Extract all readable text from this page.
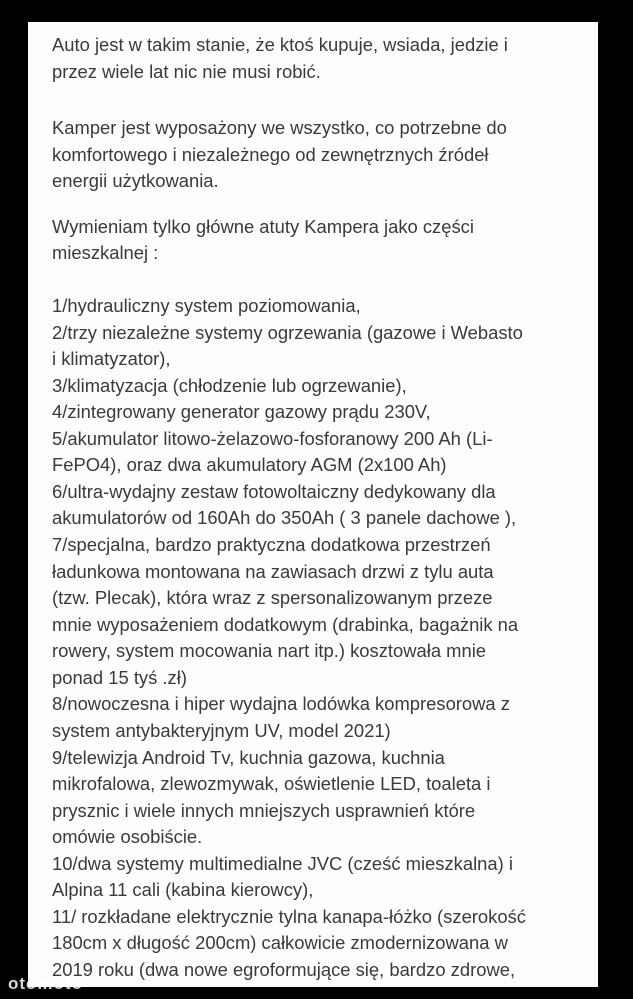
Auto jest w takim stanie, że ktoś kupuje, wsiada, jedzie i
przez wiele lat nic nie musi robić.
Kamper jest wyposażony we wszystko, co potrzebne do
komfortowego i niezależnego od zewnętrznych źródeł
energii użytkowania.
Wymieniam tylko główne atuty Kampera jako części
mieszkalnej :
1/hydrauliczny system poziomowania,
2/trzy niezależne systemy ogrzewania (gazowe i Webasto
i klimatyzator),
3/klimatyzacja (chłodzenie lub ogrzewanie),
4/zintegrowany generator gazowy prądu 230V,
5/akumulator litowo-żelazowo-fosforanowy 200 Ah (Li-
FePO4), oraz dwa akumulatory AGM (2x100 Ah)
6/ultra-wydajny zestaw fotowoltaiczny dedykowany dla
akumulatorów od 160Ah do 350Ah ( 3 panele dachowe ),
7/specjalna, bardzo praktyczna dodatkowa przestrzeń
ładunkowa montowana na zawiasach drzwi z tylu auta
(tzw. Plecak), która wraz z spersonalizowanym przeze
mnie wyposażeniem dodatkowym (drabinka, bagażnik na
rowery, system mocowania nart itp.) kosztowała mnie
ponad 15 tyś .zł)
8/nowoczesna i hiper wydajna lodówka kompresorowa z
system antybakteryjnym UV, model 2021)
9/telewizja Android Tv, kuchnia gazowa, kuchnia
mikrofalowa, zlewozmywak, oświetlenie LED, toaleta i
prysznic i wiele innych mniejszych usprawnień które
omówie osobiście.
10/dwa systemy multimedialne JVC (cześć mieszkalna) i
Alpina 11 cali (kabina kierowcy),
11/ rozkładane elektrycznie tylna kanapa-łóżko (szerokość
180cm x długość 200cm) całkowicie zmodernizowana w
2019 roku (dwa nowe egroformujące się, bardzo zdrowe,
otomoto
